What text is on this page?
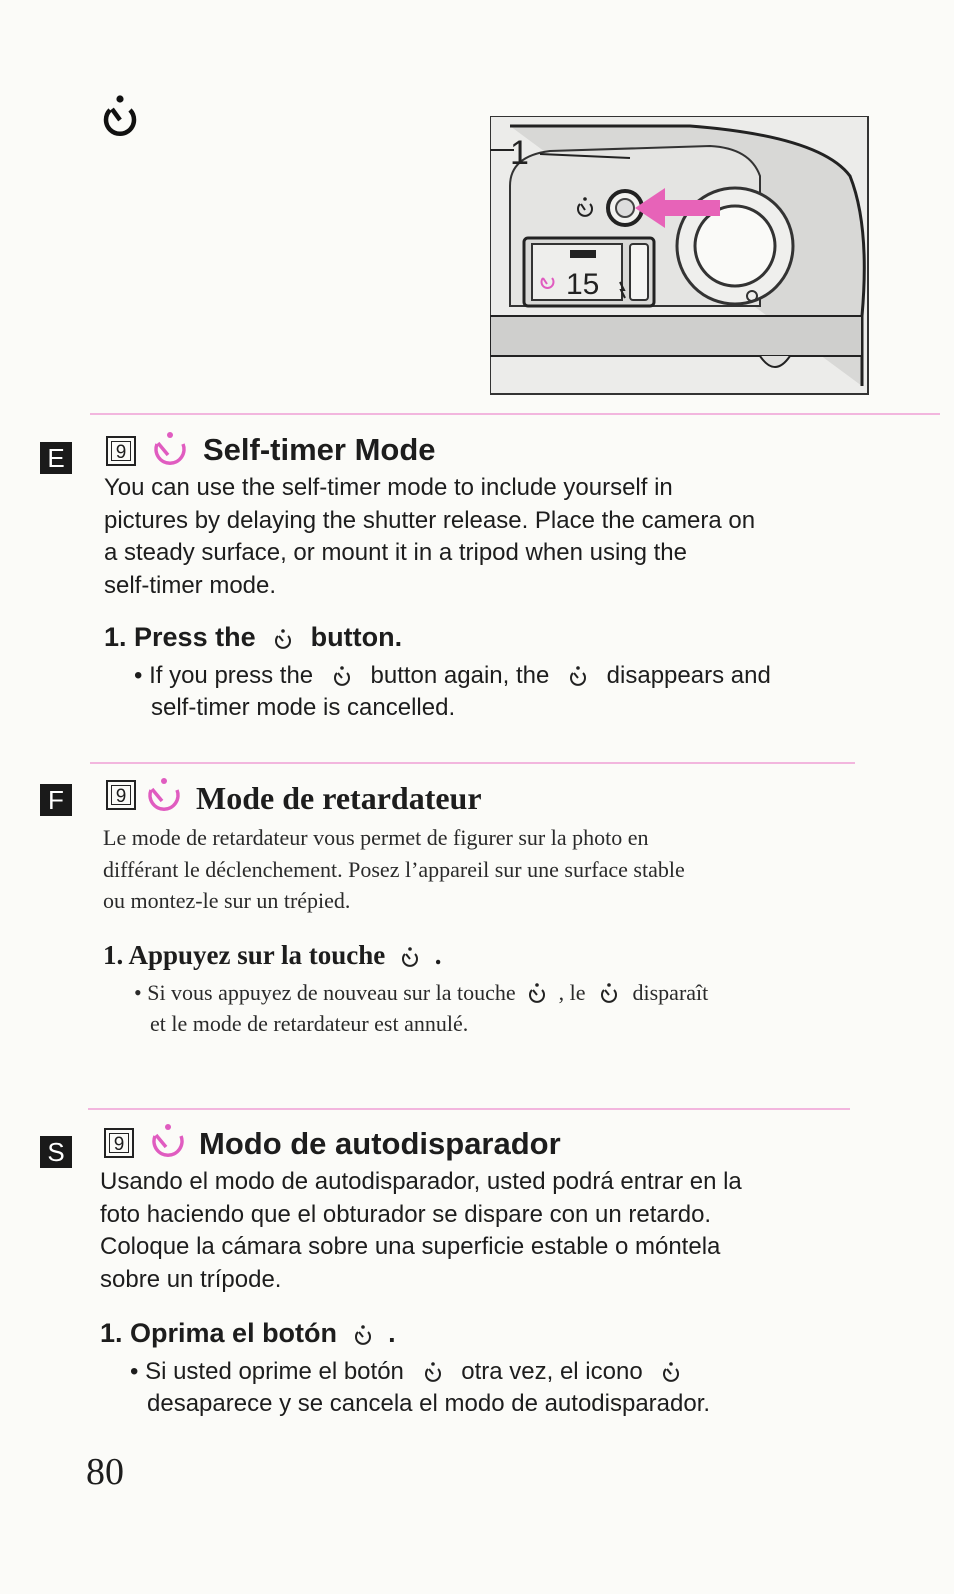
1
15
E	9	Self-timer Mode
You can use the self-timer mode to include yourself in
pictures by delaying the shutter release. Place the camera on
a steady surface, or mount it in a tripod when using the
self-timer mode.
1. Press the button.
• If you press the button again, the disappears and
self-timer mode is cancelled.
F	9	Mode de retardateur
Le mode de retardateur vous permet de figurer sur la photo en
différant le déclenchement. Posez l’appareil sur une surface stable
ou montez-le sur un trépied.
1. Appuyez sur la touche .
• Si vous appuyez de nouveau sur la touche , le disparaît
et le mode de retardateur est annulé.
S	9	Modo de autodisparador
Usando el modo de autodisparador, usted podrá entrar en la
foto haciendo que el obturador se dispare con un retardo.
Coloque la cámara sobre una superficie estable o móntela
sobre un trípode.
1. Oprima el botón .
• Si usted oprime el botón otra vez, el icono

desaparece y se cancela el modo de autodisparador.
80
